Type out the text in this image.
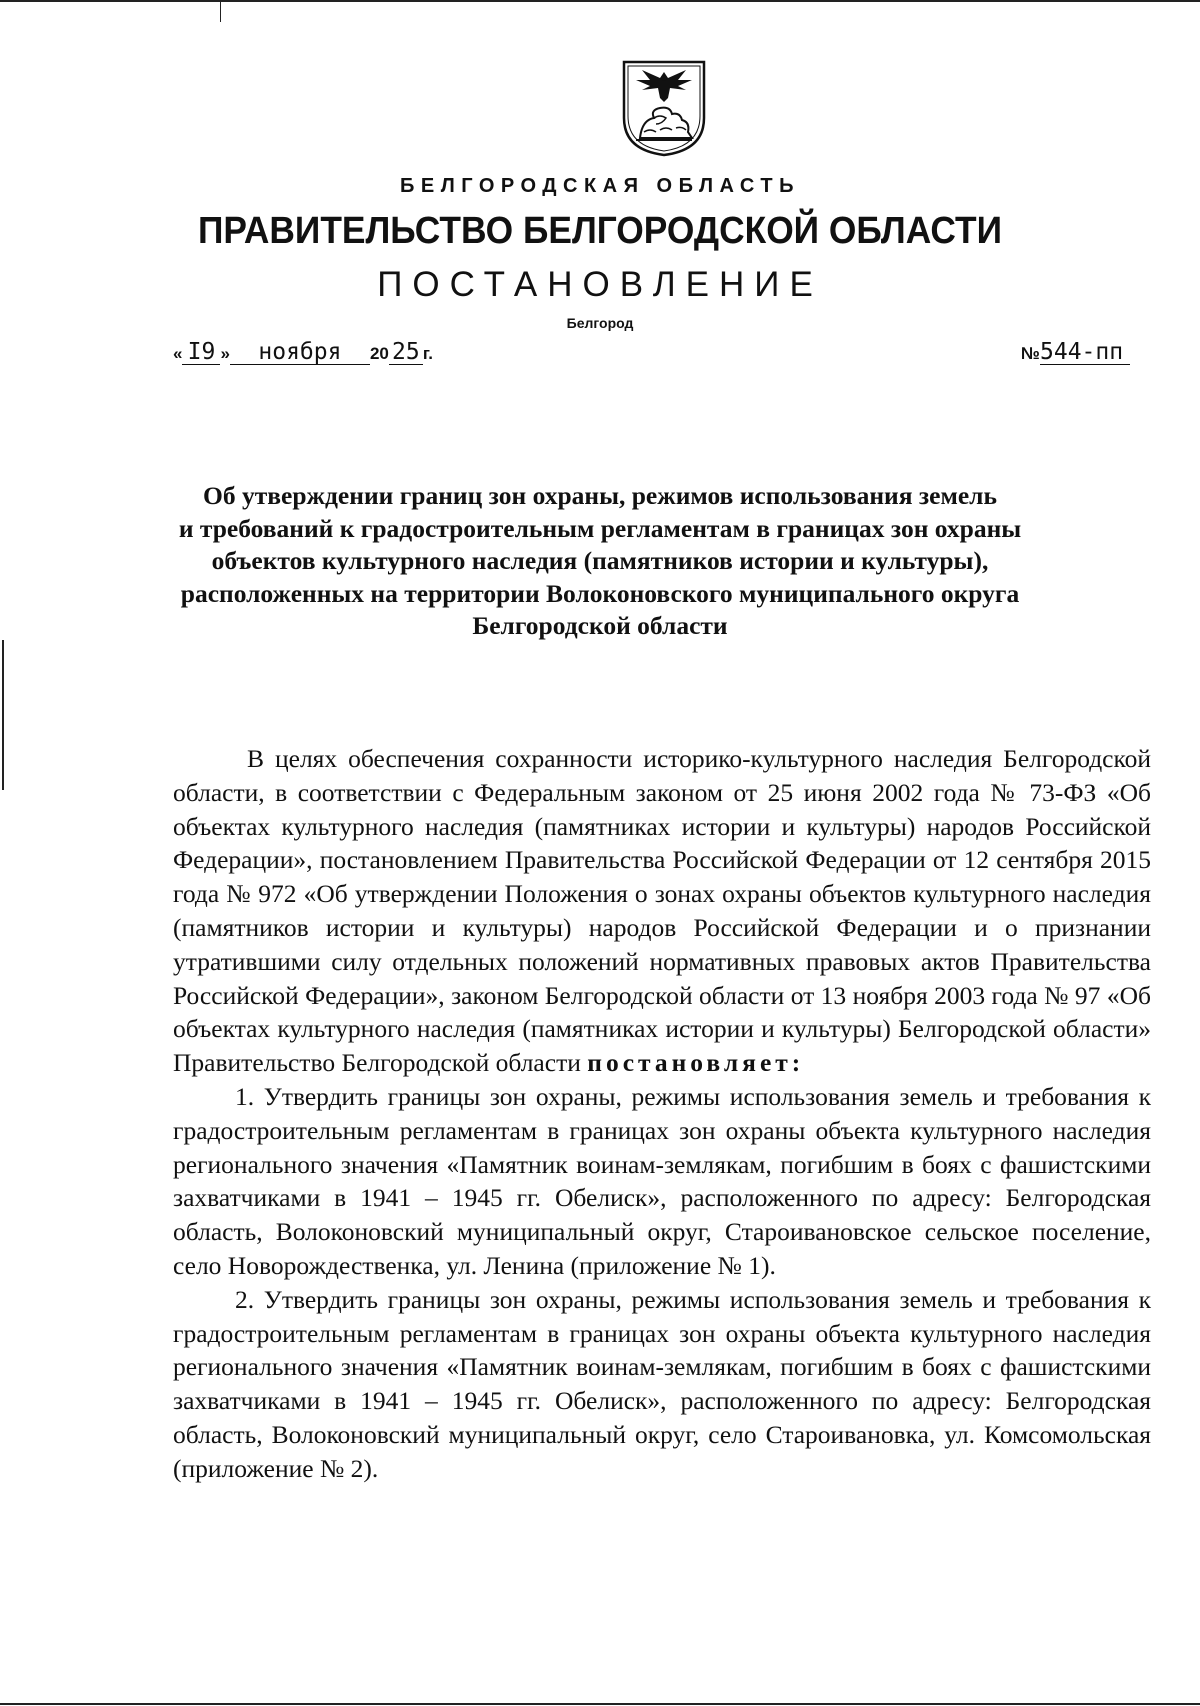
БЕЛГОРОДСКАЯ ОБЛАСТЬ
ПРАВИТЕЛЬСТВО БЕЛГОРОДСКОЙ ОБЛАСТИ
ПОСТАНОВЛЕНИЕ
Белгород
« I9 » ноября 20 25 г.	№544-пп
Об утверждении границ зон охраны, режимов использования земель
и требований к градостроительным регламентам в границах зон охраны
объектов культурного наследия (памятников истории и культуры),
расположенных на территории Волоконовского муниципального округа
Белгородской области

В целях обеспечения сохранности историко-культурного наследия Белгородской области, в соответствии с Федеральным законом от 25 июня 2002 года № 73-ФЗ «Об объектах культурного наследия (памятниках истории и культуры) народов Российской Федерации», постановлением Правительства Российской Федерации от 12 сентября 2015 года № 972 «Об утверждении Положения о зонах охраны объектов культурного наследия (памятников истории и культуры) народов Российской Федерации и о признании утратившими силу отдельных положений нормативных правовых актов Правительства Российской Федерации», законом Белгородской области от 13 ноября 2003 года № 97 «Об объектах культурного наследия (памятниках истории и культуры) Белгородской области» Правительство Белгородской области постановляет:

1. Утвердить границы зон охраны, режимы использования земель и требования к градостроительным регламентам в границах зон охраны объекта культурного наследия регионального значения «Памятник воинам-землякам, погибшим в боях с фашистскими захватчиками в 1941 – 1945 гг. Обелиск», расположенного по адресу: Белгородская область, Волоконовский муниципальный округ, Староивановское сельское поселение, село Новорождественка, ул. Ленина (приложение № 1).

2. Утвердить границы зон охраны, режимы использования земель и требования к градостроительным регламентам в границах зон охраны объекта культурного наследия регионального значения «Памятник воинам-землякам, погибшим в боях с фашистскими захватчиками в 1941 – 1945 гг. Обелиск», расположенного по адресу: Белгородская область, Волоконовский муниципальный округ, село Староивановка, ул. Комсомольская (приложение № 2).
